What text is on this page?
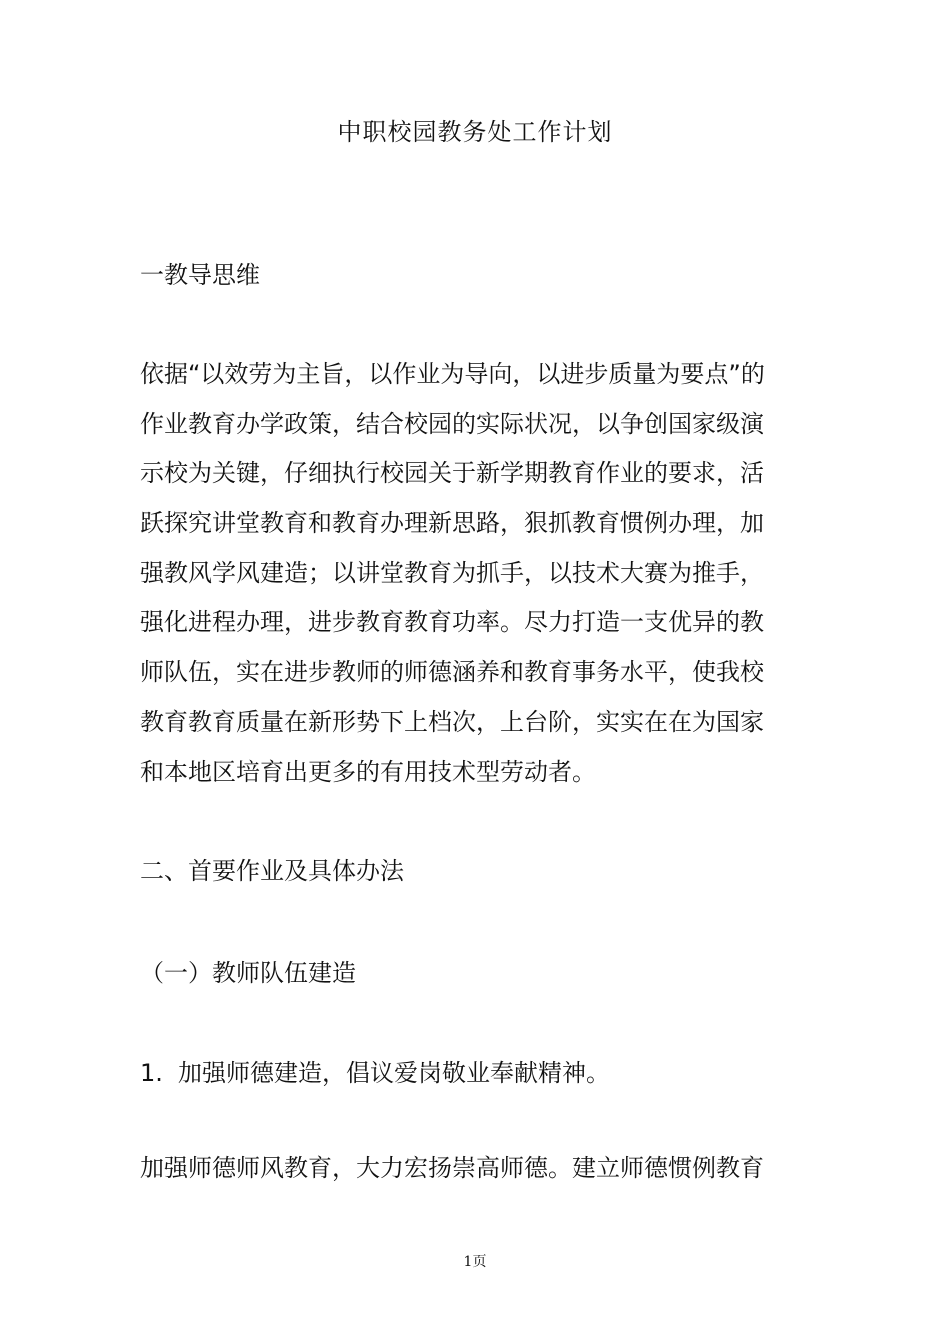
中职校园教务处工作计划
一教导思维
依据“以效劳为主旨，以作业为导向，以进步质量为要点”的
作业教育办学政策，结合校园的实际状况，以争创国家级演
示校为关键，仔细执行校园关于新学期教育作业的要求，活
跃探究讲堂教育和教育办理新思路，狠抓教育惯例办理，加
强教风学风建造；以讲堂教育为抓手，以技术大赛为推手，
强化进程办理，进步教育教育功率。尽力打造一支优异的教
师队伍，实在进步教师的师德涵养和教育事务水平，使我校
教育教育质量在新形势下上档次，上台阶，实实在在为国家
和本地区培育出更多的有用技术型劳动者。
二、首要作业及具体办法
（一）教师队伍建造
1. 加强师德建造，倡议爱岗敬业奉献精神。
加强师德师风教育，大力宏扬崇高师德。建立师德惯例教育
1页
